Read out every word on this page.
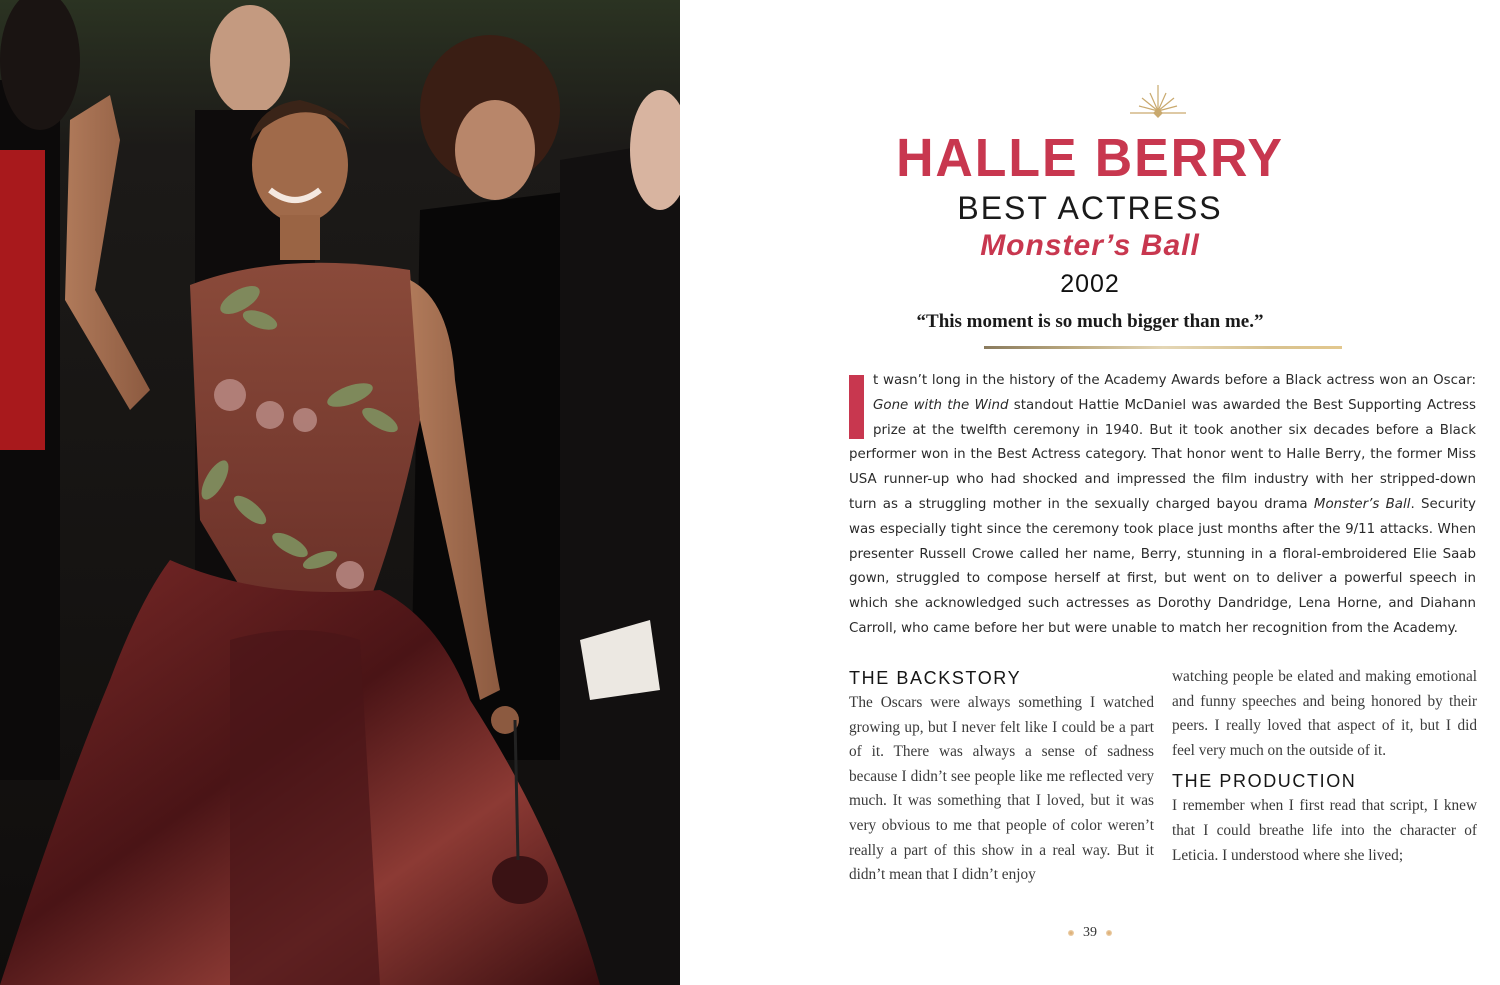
HALLE BERRY
BEST ACTRESS
Monster’s Ball
2002
“This moment is so much bigger than me.”
t wasn’t long in the history of the Academy Awards before a Black actress won an Oscar: Gone with the Wind standout Hattie McDaniel was awarded the Best Supporting Actress prize at the twelfth ceremony in 1940. But it took another six decades before a Black performer won in the Best Actress category. That honor went to Halle Berry, the former Miss USA runner-up who had shocked and impressed the film industry with her stripped-down turn as a struggling mother in the sexually charged bayou drama Monster’s Ball. Security was especially tight since the ceremony took place just months after the 9/11 attacks. When presenter Russell Crowe called her name, Berry, stunning in a floral-embroidered Elie Saab gown, struggled to compose herself at first, but went on to deliver a powerful speech in which she acknowledged such actresses as Dorothy Dandridge, Lena Horne, and Diahann Carroll, who came before her but were unable to match her recognition from the Academy.
THE BACKSTORY

The Oscars were always something I watched growing up, but I never felt like I could be a part of it. There was always a sense of sadness because I didn’t see people like me reflected very much. It was something that I loved, but it was very obvious to me that people of color weren’t really a part of this show in a real way. But it didn’t mean that I didn’t enjoy

watching people be elated and making emotional and funny speeches and being honored by their peers. I really loved that aspect of it, but I did feel very much on the outside of it.

THE PRODUCTION

I remember when I first read that script, I knew that I could breathe life into the character of Leticia. I understood where she lived;

39
